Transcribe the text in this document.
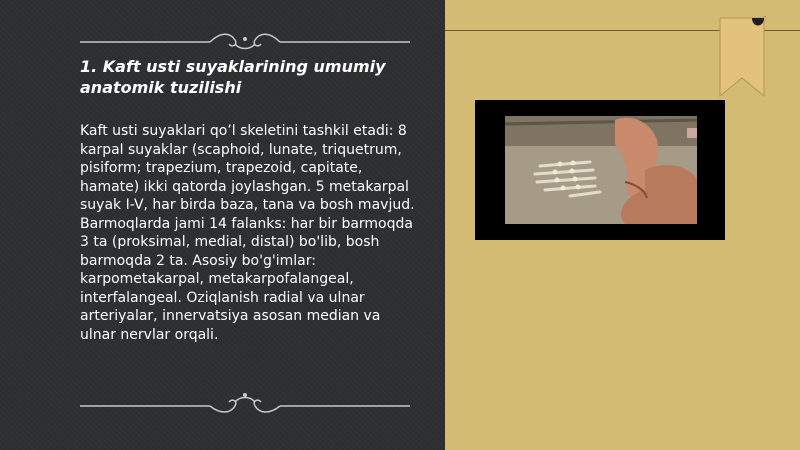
1. Kaft usti suyaklarining umumiy anatomik tuzilishi

Kaft usti suyaklari qo’l skeletini tashkil etadi: 8 karpal suyaklar (scaphoid, lunate, triquetrum, pisiform; trapezium, trapezoid, capitate, hamate) ikki qatorda joylashgan. 5 metakarpal suyak I-V, har birda baza, tana va bosh mavjud. Barmoqlarda jami 14 falanks: har bir barmoqda 3 ta (proksimal, medial, distal) bo'lib, bosh barmoqda 2 ta. Asosiy bo'g'imlar: karpometakarpal, metakarpofalangeal, interfalangeal. Oziqlanish radial va ulnar arteriyalar, innervatsiya asosan median va ulnar nervlar orqali.
